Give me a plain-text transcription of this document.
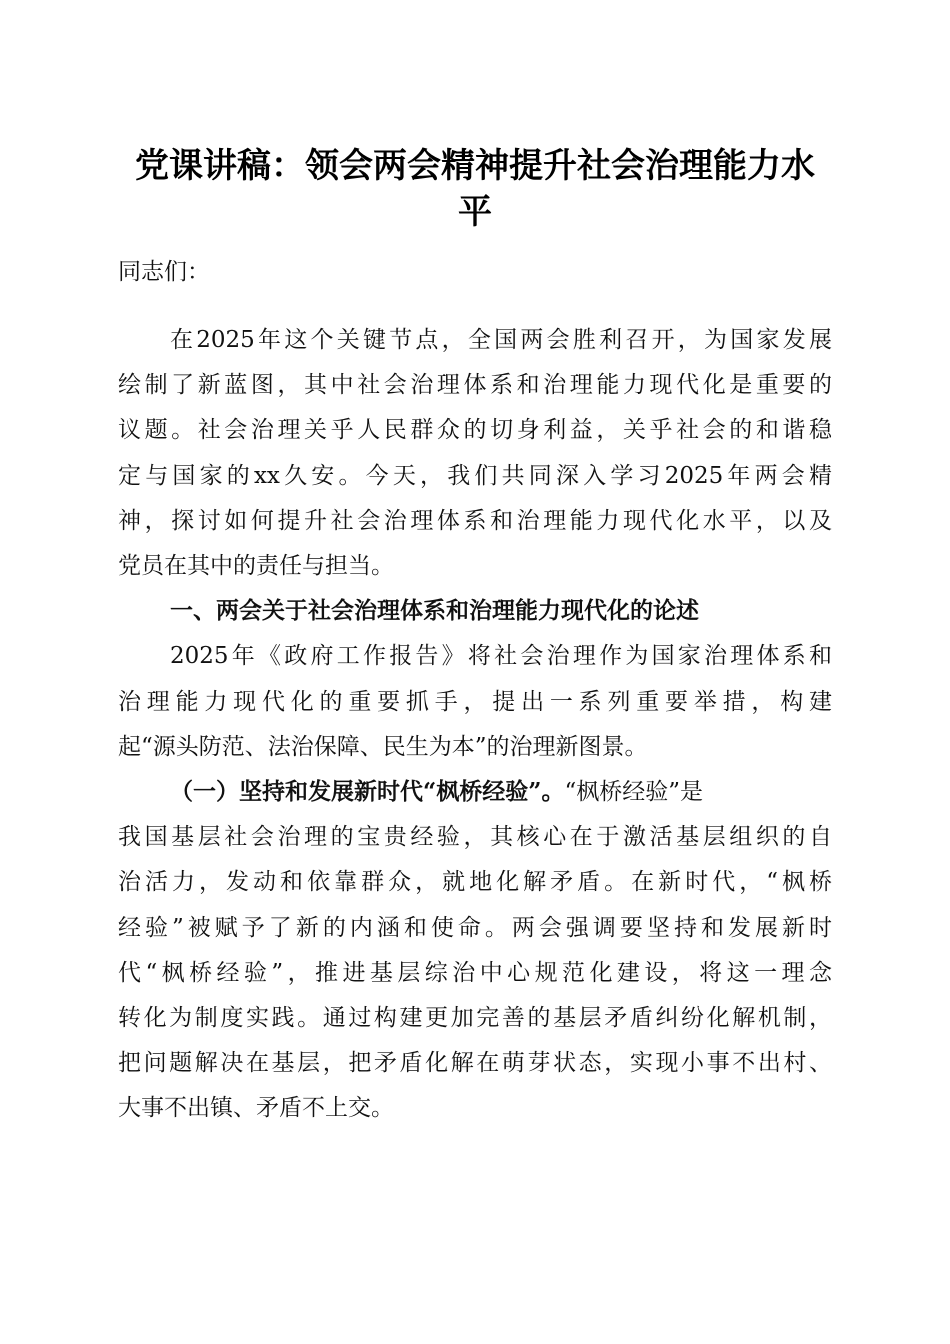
党课讲稿：领会两会精神提升社会治理能力水
平
同志们：
在2025年这个关键节点，全国两会胜利召开，为国家发展
绘制了新蓝图，其中社会治理体系和治理能力现代化是重要的
议题。社会治理关乎人民群众的切身利益，关乎社会的和谐稳
定与国家的xx久安。今天，我们共同深入学习2025年两会精
神，探讨如何提升社会治理体系和治理能力现代化水平，以及
党员在其中的责任与担当。
一、两会关于社会治理体系和治理能力现代化的论述
2025年《政府工作报告》将社会治理作为国家治理体系和
治理能力现代化的重要抓手，提出一系列重要举措，构建
起“源头防范、法治保障、民生为本”的治理新图景。
（一）坚持和发展新时代“枫桥经验”。“枫桥经验”是
我国基层社会治理的宝贵经验，其核心在于激活基层组织的自
治活力，发动和依靠群众，就地化解矛盾。在新时代，“枫桥
经验”被赋予了新的内涵和使命。两会强调要坚持和发展新时
代“枫桥经验”，推进基层综治中心规范化建设，将这一理念
转化为制度实践。通过构建更加完善的基层矛盾纠纷化解机制，
把问题解决在基层，把矛盾化解在萌芽状态，实现小事不出村、
大事不出镇、矛盾不上交。
